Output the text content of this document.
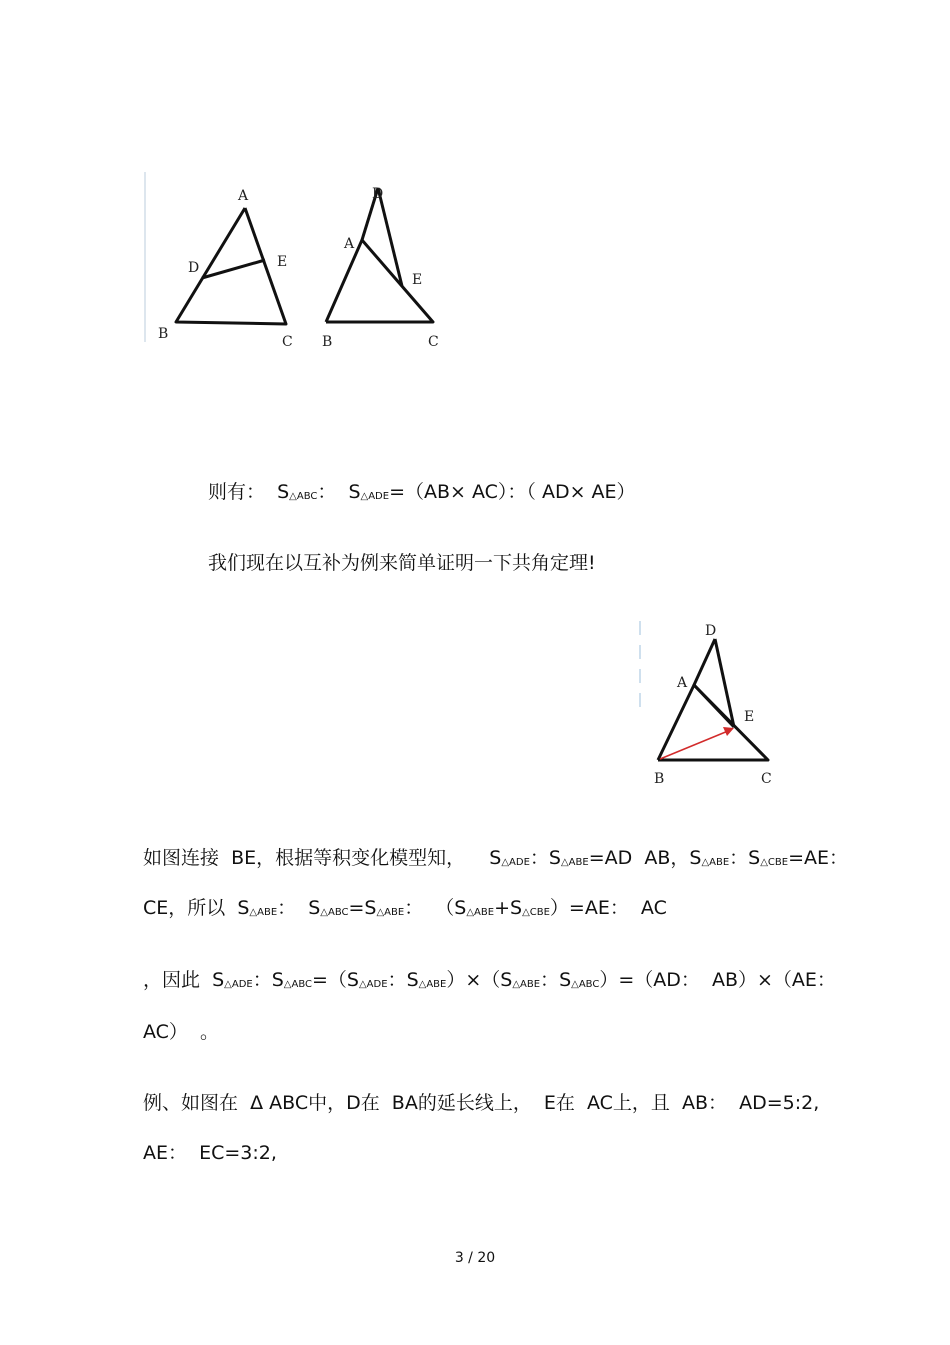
A
D	E
B	C
D
A
E
B	C
则有：  S△ABC：  S△ADE=（AB× AC）：（ AD× AE）
我们现在以互补为例来简单证明一下共角定理!
D
A
E
B	C
如图连接  BE，根据等积变化模型知，    S△ADE：S△ABE=AD  AB，S△ABE：S△CBE=AE：
CE，所以  S△ABE：  S△ABC=S△ABE：  （S△ABE+S△CBE）=AE：  AC
，因此  S△ADE：S△ABC=（S△ADE：S△ABE）×（S△ABE：S△ABC）=（AD：  AB）×（AE：
AC）  。
例、如图在  Δ ABC中，D在  BA的延长线上，  E在  AC上，且  AB：  AD=5:2,
AE：  EC=3:2,
3 / 20
